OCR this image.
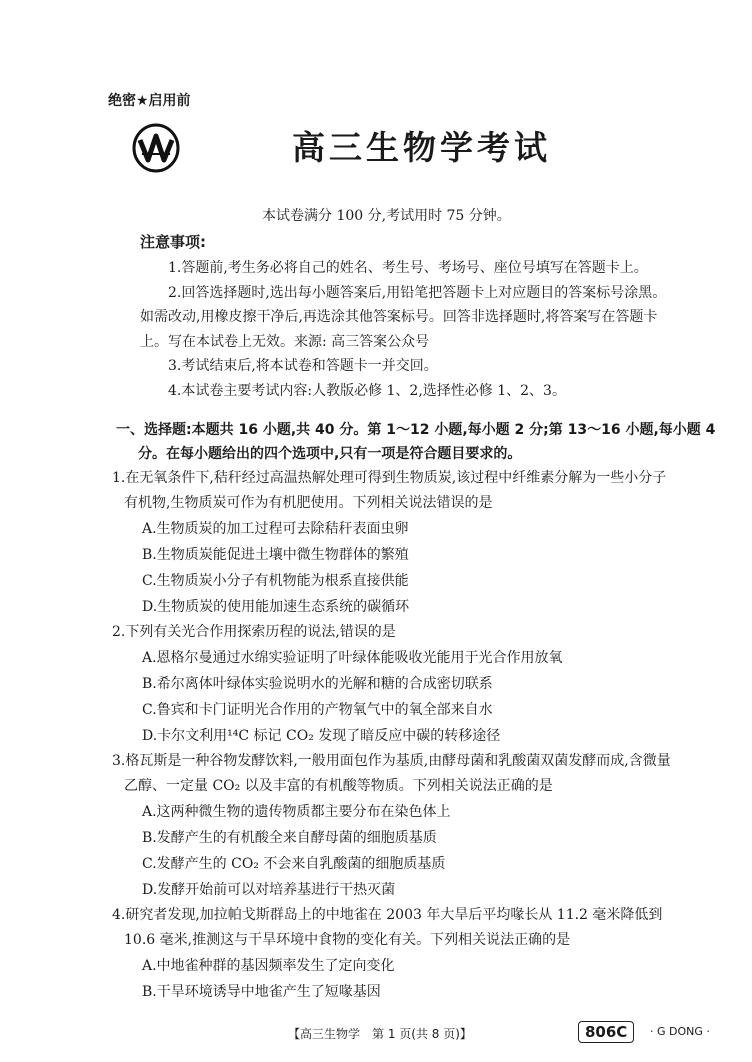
绝密★启用前
高三生物学考试
本试卷满分 100 分,考试用时 75 分钟。
注意事项:

1.答题前,考生务必将自己的姓名、考生号、考场号、座位号填写在答题卡上。

2.回答选择题时,选出每小题答案后,用铅笔把答题卡上对应题目的答案标号涂黑。如需改动,用橡皮擦干净后,再选涂其他答案标号。回答非选择题时,将答案写在答题卡上。写在本试卷上无效。来源: 高三答案公众号

3.考试结束后,将本试卷和答题卡一并交回。

4.本试卷主要考试内容:人教版必修 1、2,选择性必修 1、2、3。

一、选择题:本题共 16 小题,共 40 分。第 1～12 小题,每小题 2 分;第 13～16 小题,每小题 4

分。在每小题给出的四个选项中,只有一项是符合题目要求的。

1.在无氧条件下,秸秆经过高温热解处理可得到生物质炭,该过程中纤维素分解为一些小分子
有机物,生物质炭可作为有机肥使用。下列相关说法错误的是
A.生物质炭的加工过程可去除秸秆表面虫卵
B.生物质炭能促进土壤中微生物群体的繁殖
C.生物质炭小分子有机物能为根系直接供能
D.生物质炭的使用能加速生态系统的碳循环
2.下列有关光合作用探索历程的说法,错误的是
A.恩格尔曼通过水绵实验证明了叶绿体能吸收光能用于光合作用放氧
B.希尔离体叶绿体实验说明水的光解和糖的合成密切联系
C.鲁宾和卡门证明光合作用的产物氧气中的氧全部来自水
D.卡尔文利用¹⁴C 标记 CO₂ 发现了暗反应中碳的转移途径
3.格瓦斯是一种谷物发酵饮料,一般用面包作为基质,由酵母菌和乳酸菌双菌发酵而成,含微量
乙醇、一定量 CO₂ 以及丰富的有机酸等物质。下列相关说法正确的是
A.这两种微生物的遗传物质都主要分布在染色体上
B.发酵产生的有机酸全来自酵母菌的细胞质基质
C.发酵产生的 CO₂ 不会来自乳酸菌的细胞质基质
D.发酵开始前可以对培养基进行干热灭菌
4.研究者发现,加拉帕戈斯群岛上的中地雀在 2003 年大旱后平均喙长从 11.2 毫米降低到
10.6 毫米,推测这与干旱环境中食物的变化有关。下列相关说法正确的是
A.中地雀种群的基因频率发生了定向变化
B.干旱环境诱导中地雀产生了短喙基因
【高三生物学　第 1 页(共 8 页)】	806C	· G DONG ·
